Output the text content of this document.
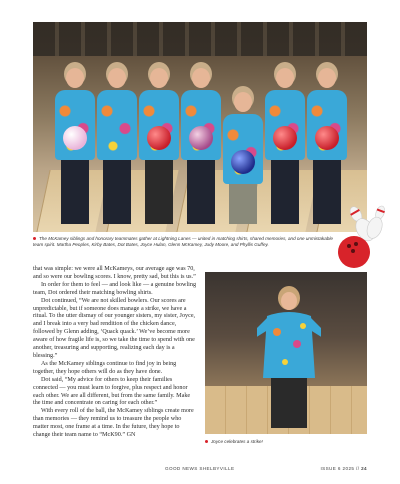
The McKamey siblings and honorary teammates gather at Lightning Lanes — united in matching shirts, shared memories, and one unmistakable team spirit. Martha Peoples, Kirby Bates, Dot Bates, Joyce Hulan, Glenn McKamey, Judy Moore, and Phyllis Guffey.

that was simple: we were all McKameys, our average age was 70, and so were our bowling scores. I know, pretty sad, but this is us.”

In order for them to feel — and look like — a genuine bowling team, Dot ordered their matching bowling shirts.

Dot continued, “We are not skilled bowlers. Our scores are unpredictable, but if someone does manage a strike, we have a ritual. To the utter dismay of our younger sisters, my sister, Joyce, and I break into a very bad rendition of the chicken dance, followed by Glenn adding, ‘Quack quack.’ We’ve become more aware of how fragile life is, so we take the time to spend with one another, treasuring and supporting, realizing each day is a blessing.”

As the McKamey siblings continue to find joy in being together, they hope others will do as they have done.

Dot said, “My advice for others to keep their families connected — you must learn to forgive, plus respect and honor each other. We are all different, but from the same family. Make the time and concentrate on caring for each other.”

With every roll of the ball, the McKamey siblings create more than memories — they remind us to treasure the people who matter most, one frame at a time. In the future, they hope to change their team name to “McK90.” GN

Joyce celebrates a strike!
GOOD NEWS SHELBYVILLE	ISSUE 6 2025 // 24
